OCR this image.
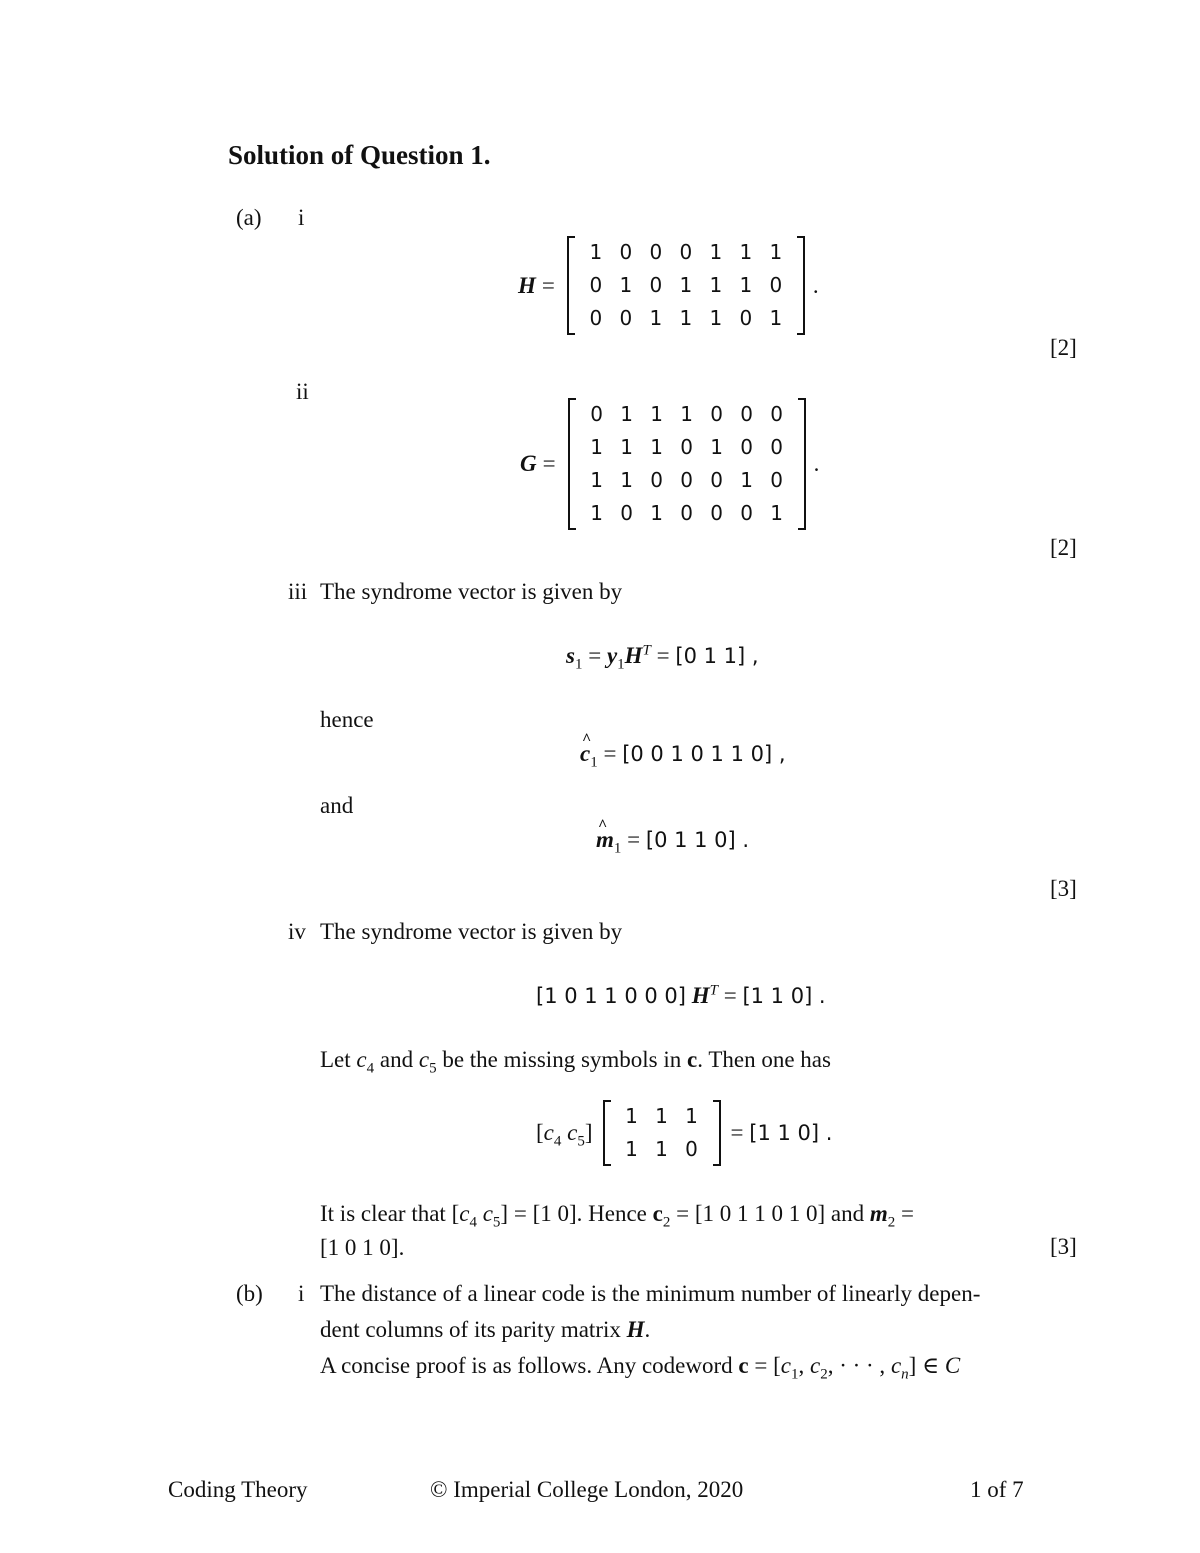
Solution of Question 1.
(a) i
H =
1 0 0 0 1 1 1
0 1 0 1 1 1 0
0 0 1 1 1 0 1
.
[2]
ii
G =
0 1 1 1 0 0 0
1 1 1 0 1 0 0
1 1 0 0 0 1 0
1 0 1 0 0 0 1
.
[2]
iii The syndrome vector is given by
$s_1 = y_1H^T = [0$ 1 1] ,
hence
^ $c_1 = [0$ 0 1 0 1 1 0] ,
and
^ $m_1 = [0$ 1 1 0] .
[3]
iv The syndrome vector is given by
[1 0 1 1 0 0 0] $H^T = [1$ 1 0] .
Let $c_4$ and $c_5$ be the missing symbols in c. Then one has
[$c_4$ $c_5$]
1 1 1
1 1 0
= [1 1 0] .
It is clear that [$c_4$ $c_5] = [1$ 0]. Hence $c_2 = [1$ 0 1 1 0 1 0] and $m_2$ =
[1 0 1 0].	[3]
(b) i The distance of a linear code is the minimum number of linearly depen-
dent columns of its parity matrix H.
A concise proof is as follows. Any codeword $c = [c_1$, $c_2$, · · · , $c_n$] ∈ C
Coding Theory	© Imperial College London, 2020	1 of 7
